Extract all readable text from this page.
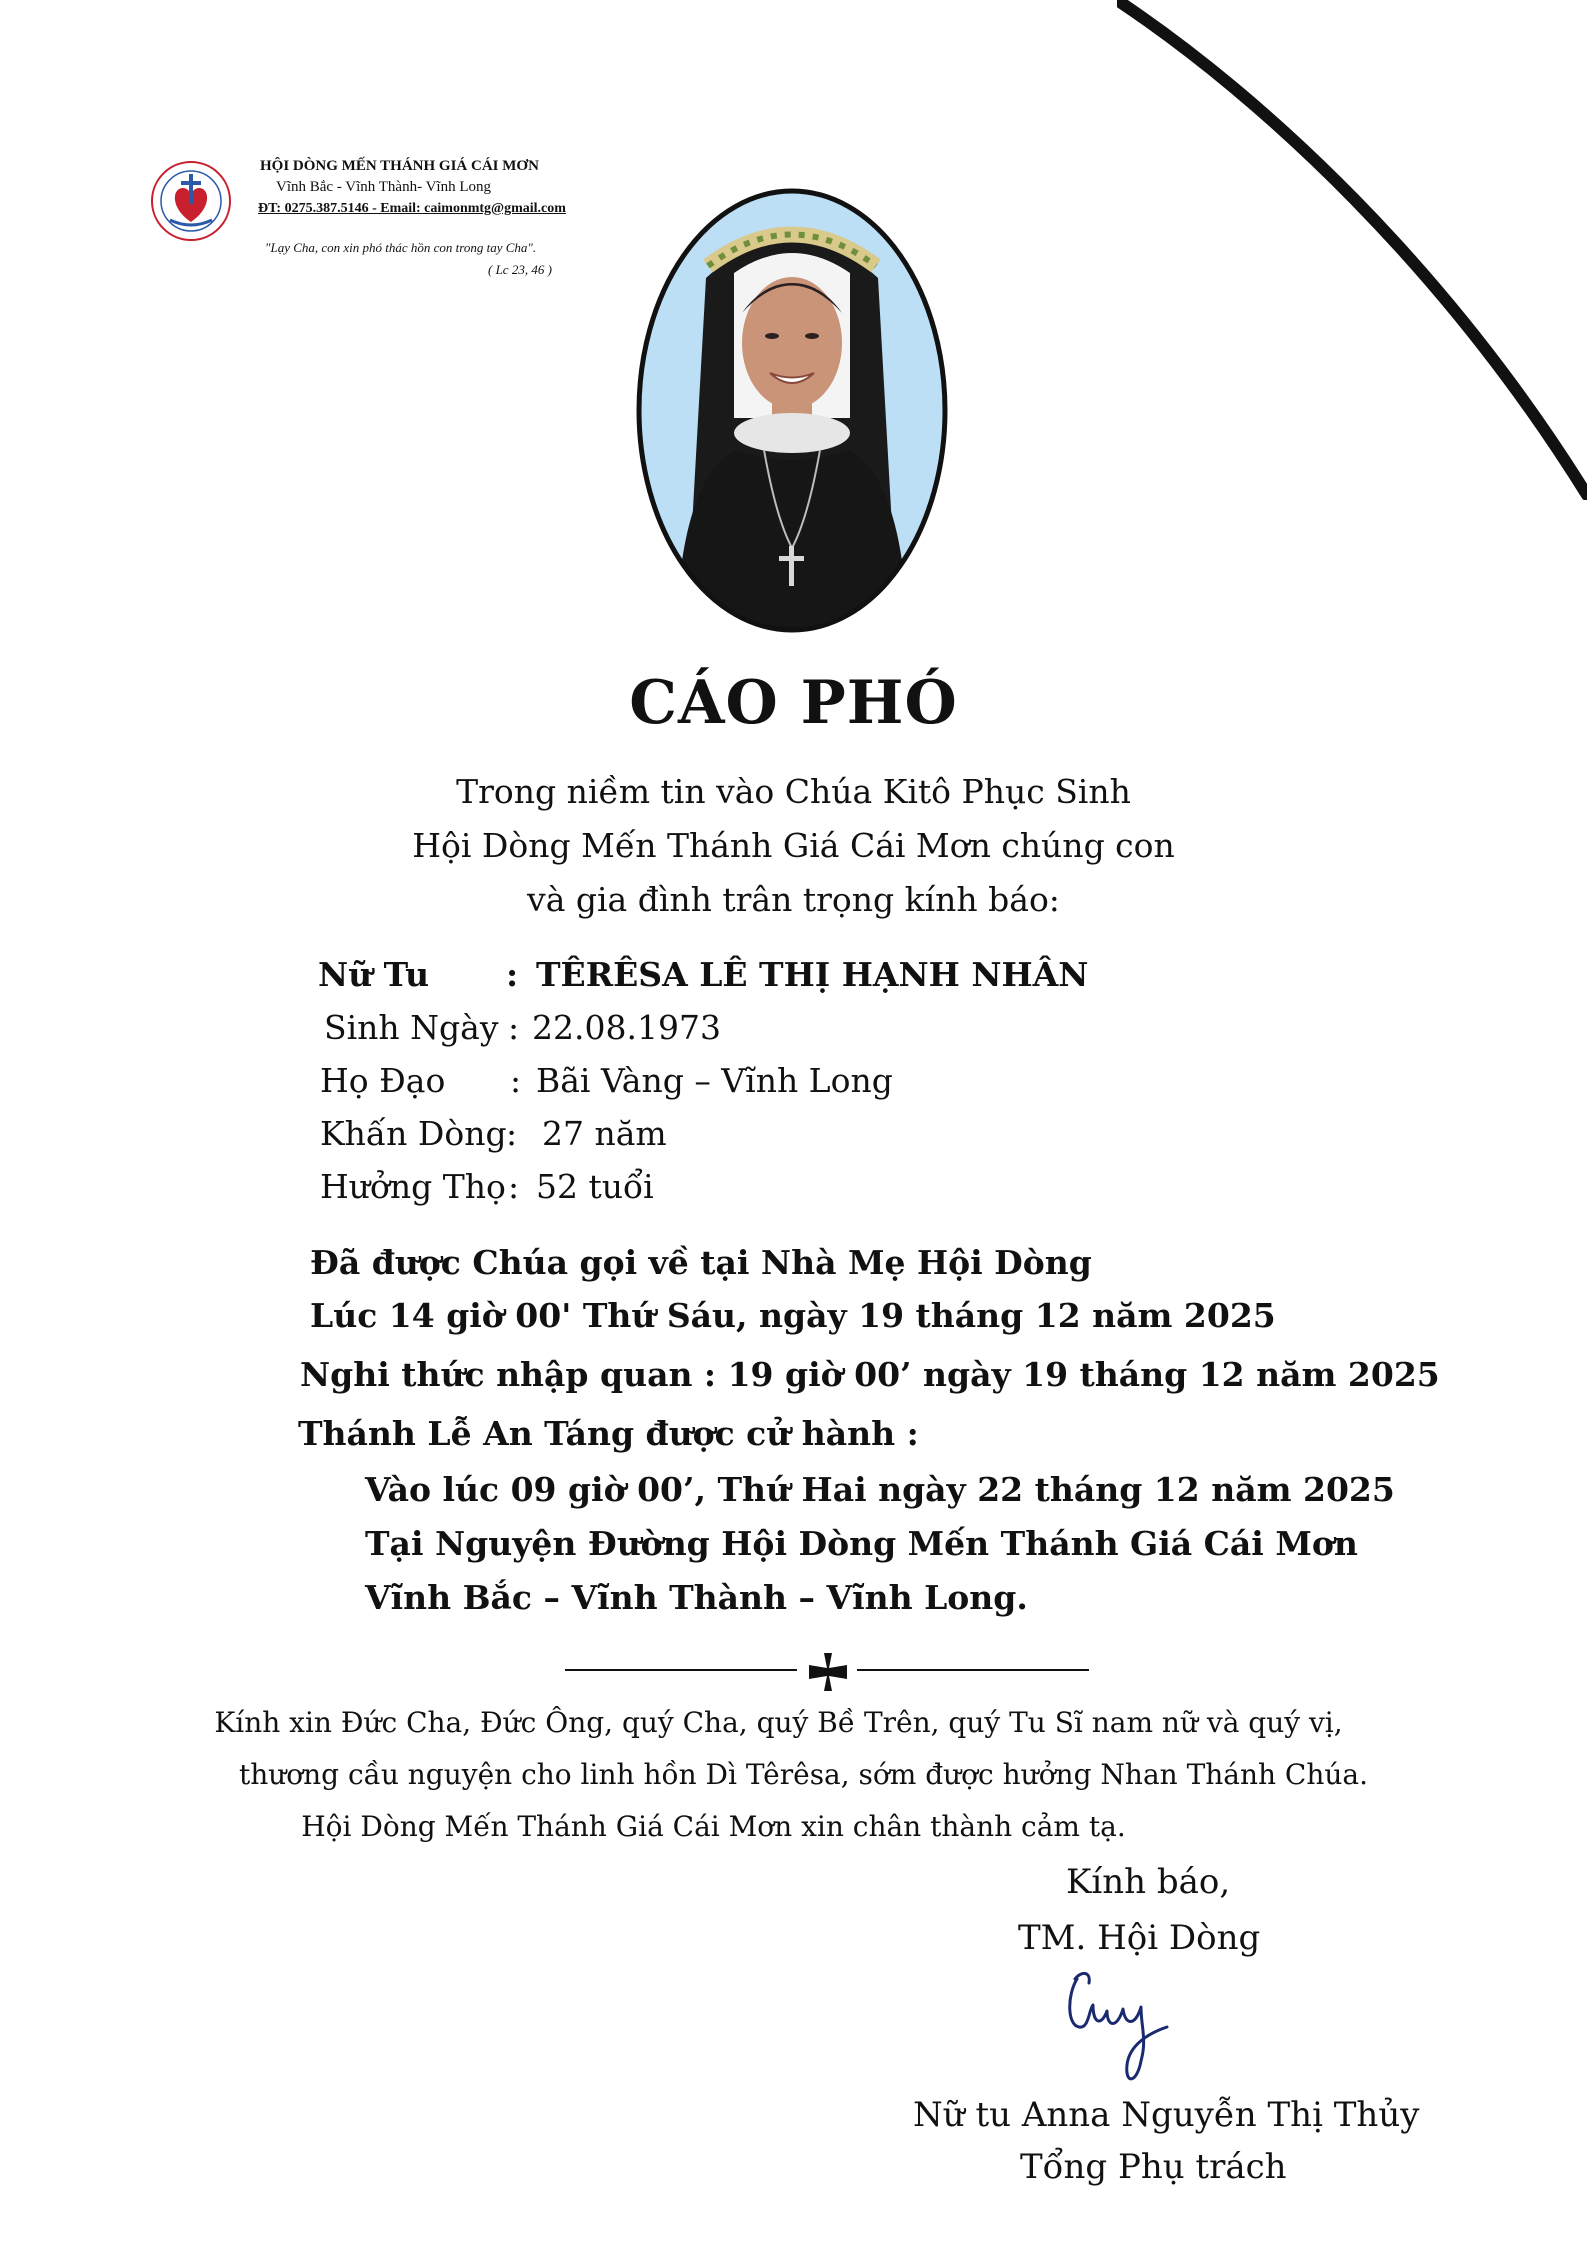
HỘI DÒNG MẾN THÁNH GIÁ CÁI MƠN
Vĩnh Bắc - Vĩnh Thành- Vĩnh Long
ĐT: 0275.387.5146 - Email: caimonmtg@gmail.com
"Lạy Cha, con xin phó thác hồn con trong tay Cha".
( Lc 23, 46 )
CÁO PHÓ
Trong niềm tin vào Chúa Kitô Phục Sinh
Hội Dòng Mến Thánh Giá Cái Mơn chúng con
và gia đình trân trọng kính báo:
Nữ Tu : TÊRÊSA LÊ THỊ HẠNH NHÂN
Sinh Ngày : 22.08.1973
Họ Đạo : Bãi Vàng – Vĩnh Long
Khấn Dòng : 27 năm
Hưởng Thọ : 52 tuổi
Đã được Chúa gọi về tại Nhà Mẹ Hội Dòng
Lúc 14 giờ 00' Thứ Sáu, ngày 19 tháng 12 năm 2025
Nghi thức nhập quan : 19 giờ 00’ ngày 19 tháng 12 năm 2025
Thánh Lễ An Táng được cử hành :
Vào lúc 09 giờ 00’, Thứ Hai ngày 22 tháng 12 năm 2025
Tại Nguyện Đường Hội Dòng Mến Thánh Giá Cái Mơn
Vĩnh Bắc – Vĩnh Thành – Vĩnh Long.
Kính xin Đức Cha, Đức Ông, quý Cha, quý Bề Trên, quý Tu Sĩ nam nữ và quý vị,
thương cầu nguyện cho linh hồn Dì Têrêsa, sớm được hưởng Nhan Thánh Chúa.
Hội Dòng Mến Thánh Giá Cái Mơn xin chân thành cảm tạ.
Kính báo,
TM. Hội Dòng
Nữ tu Anna Nguyễn Thị Thủy
Tổng Phụ trách
